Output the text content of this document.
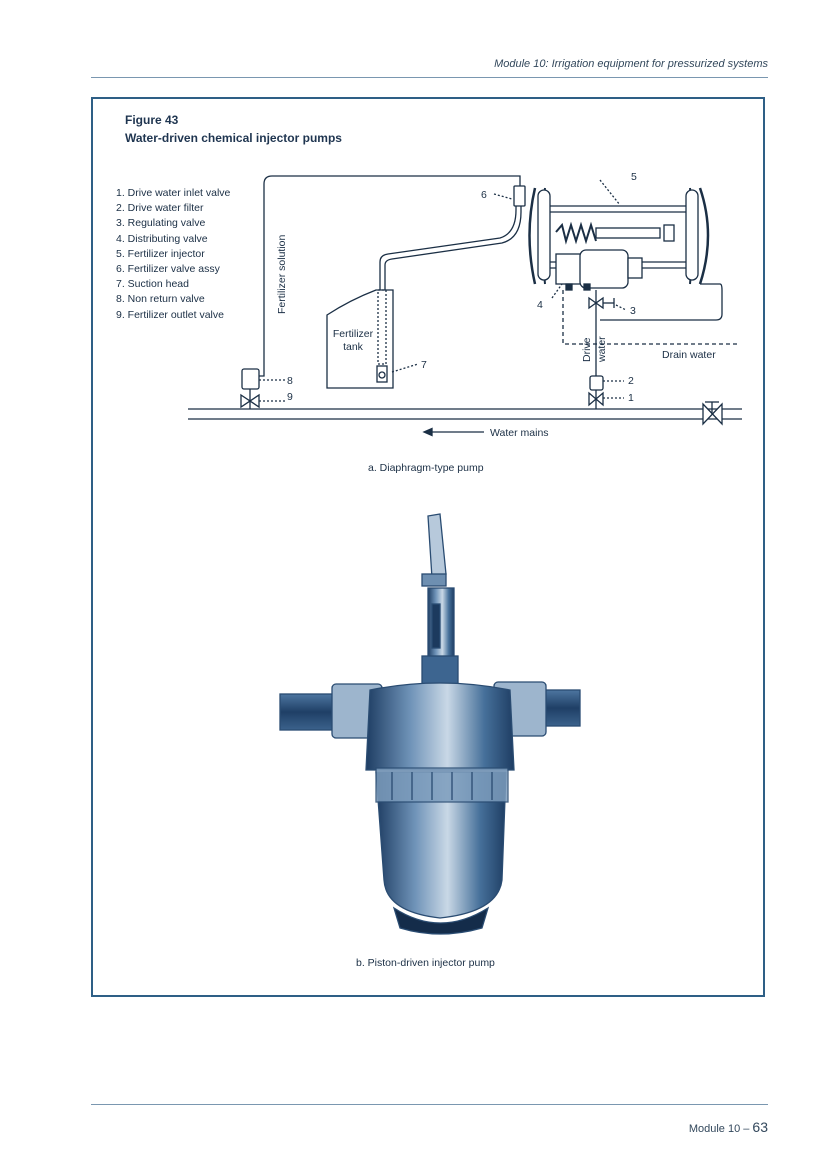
Module 10: Irrigation equipment for pressurized systems
Figure 43
Water-driven chemical injector pumps
1. Drive water inlet valve
2. Drive water filter
3. Regulating valve
4. Distributing valve
5. Fertilizer injector
6. Fertilizer valve assy
7. Suction head
8. Non return valve
9. Fertilizer outlet valve
Fertilizer solution
Fertilizer
tank	Drive water	Drain water
Water mains
1
2
3
4
5
6
7
8
9
a. Diaphragm-type pump
b. Piston-driven injector pump
Module 10 – 63
